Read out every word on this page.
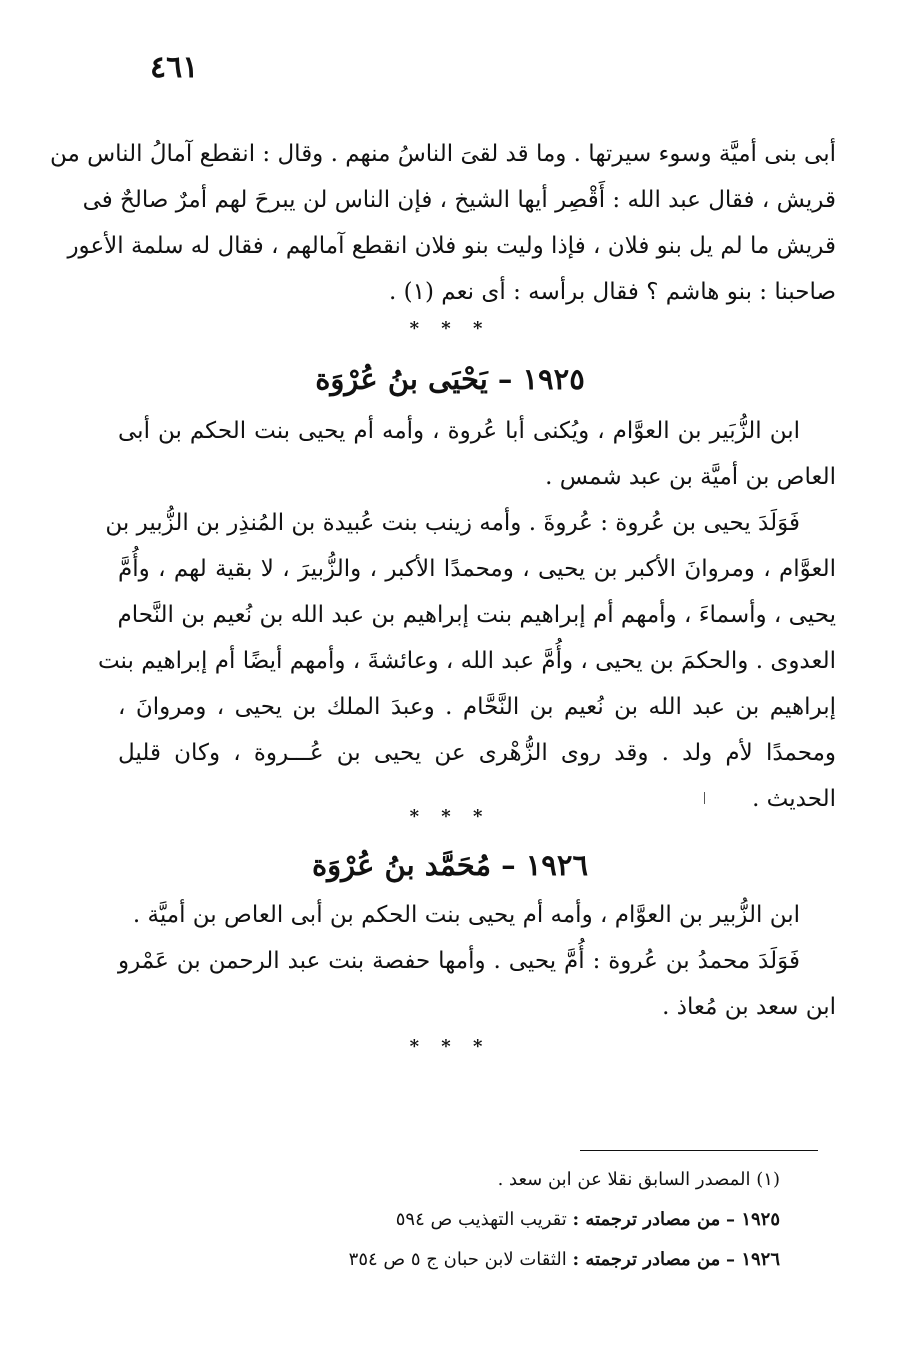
٤٦١
أبى بنى أميَّة وسوء سيرتها . وما قد لقىَ الناسُ منهم . وقال : انقطع آمالُ الناس من
قريش ، فقال عبد الله : أَقْصِر أيها الشيخ ، فإن الناس لن يبرحَ لهم أمرٌ صالحٌ فى
قريش ما لم يل بنو فلان ، فإذا وليت بنو فلان انقطع آمالهم ، فقال له سلمة الأعور
صاحبنا : بنو هاشم ؟ فقال برأسه : أى نعم (١) .
* * *
١٩٢٥ – يَحْيَى بنُ عُرْوَة
ابن الزُّبَير بن العوَّام ، ويُكنى أبا عُروة ، وأمه أم يحيى بنت الحكم بن أبى
العاص بن أميَّة بن عبد شمس .
فَوَلَدَ يحيى بن عُروة : عُروةَ . وأمه زينب بنت عُبيدة بن المُنذِر بن الزُّبير بن
العوَّام ، ومروانَ الأكبر بن يحيى ، ومحمدًا الأكبر ، والزُّبيرَ ، لا بقية لهم ، وأُمَّ
يحيى ، وأسماءَ ، وأمهم أم إبراهيم بنت إبراهيم بن عبد الله بن نُعيم بن النَّحام
العدوى . والحكمَ بن يحيى ، وأُمَّ عبد الله ، وعائشةَ ، وأمهم أيضًا أم إبراهيم بنت
إبراهيم بن عبد الله بن نُعيم بن النَّحَّام . وعبدَ الملك بن يحيى ، ومروانَ ،
ومحمدًا لأم ولد . وقد روى الزُّهْرى عن يحيى بن عُـــروة ، وكان قليل
الحديث .
* * *
١٩٢٦ – مُحَمَّد بنُ عُرْوَة
ابن الزُّبير بن العوَّام ، وأمه أم يحيى بنت الحكم بن أبى العاص بن أميَّة .
فَوَلَدَ محمدُ بن عُروة : أُمَّ يحيى . وأمها حفصة بنت عبد الرحمن بن عَمْرو
ابن سعد بن مُعاذ .
* * *
(١) المصدر السابق نقلا عن ابن سعد .
١٩٢٥ – من مصادر ترجمته : تقريب التهذيب ص ٥٩٤
١٩٢٦ – من مصادر ترجمته : الثقات لابن حبان ج ٥ ص ٣٥٤
